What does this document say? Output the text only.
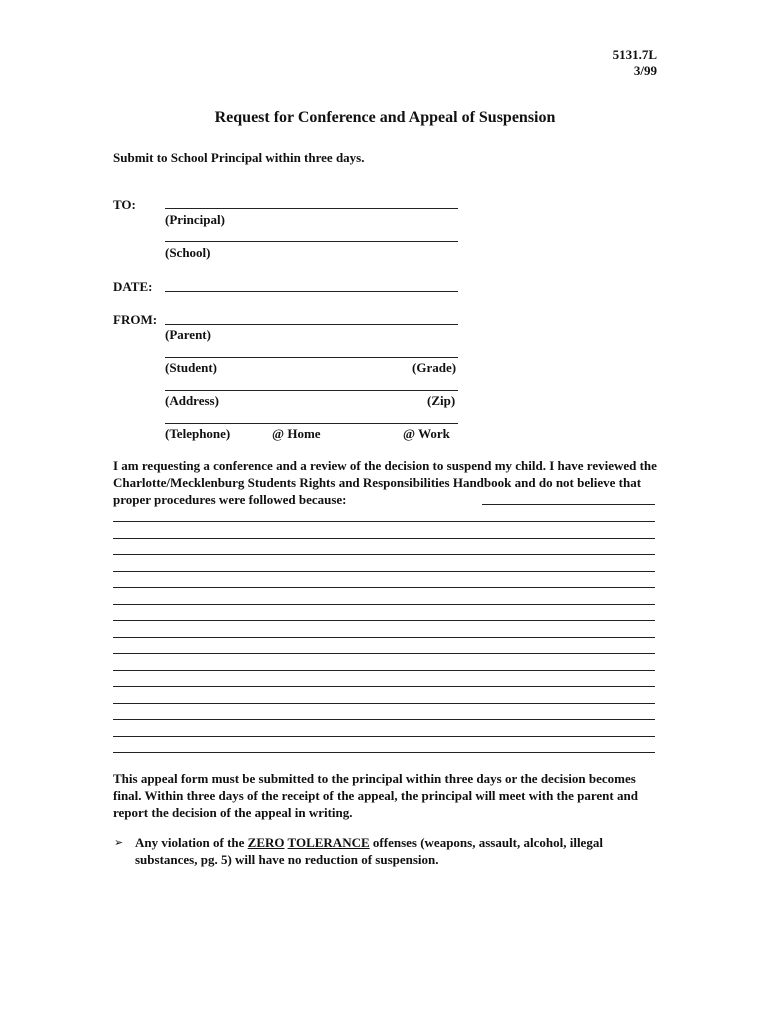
5131.7L
3/99
Request for Conference and Appeal of Suspension
Submit to School Principal within three days.
TO:
(Principal)
(School)
DATE:
FROM:
(Parent)
(Student)	(Grade)
(Address)	(Zip)
(Telephone)	@ Home	@ Work
I am requesting a conference and a review of the decision to suspend my child. I have reviewed the Charlotte/Mecklenburg Students Rights and Responsibilities Handbook and do not believe that proper procedures were followed because:
This appeal form must be submitted to the principal within three days or the decision becomes final. Within three days of the receipt of the appeal, the principal will meet with the parent and report the decision of the appeal in writing.
➢ Any violation of the ZERO TOLERANCE offenses (weapons, assault, alcohol, illegal substances, pg. 5) will have no reduction of suspension.
